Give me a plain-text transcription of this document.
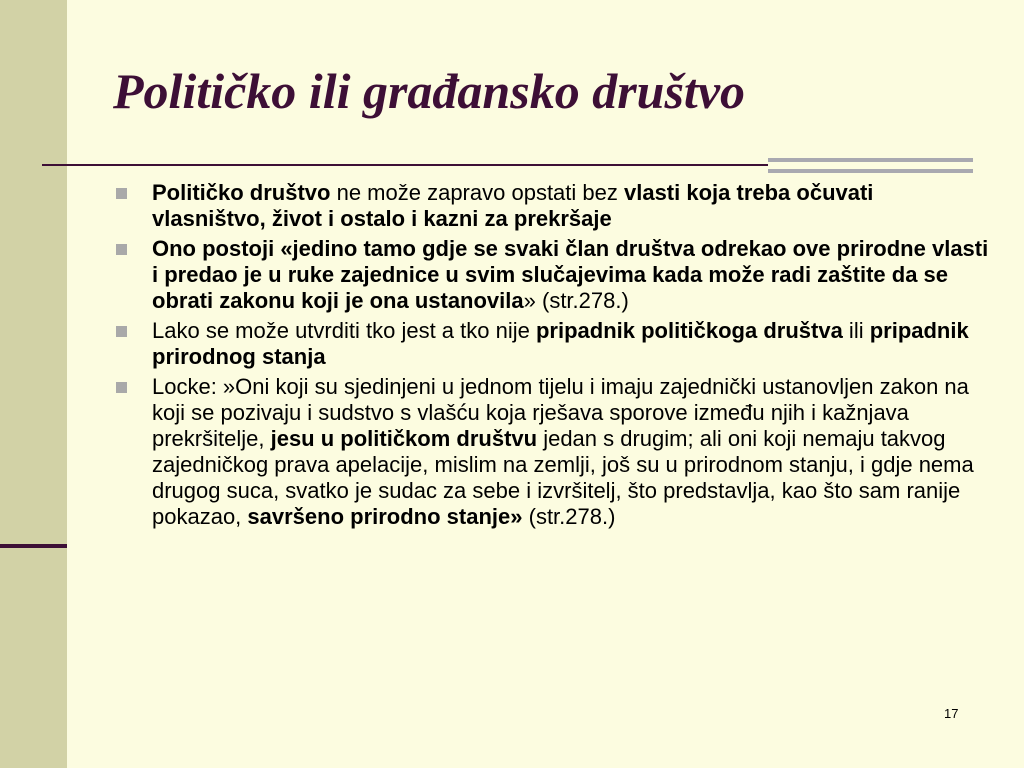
Političko ili građansko društvo
Političko društvo ne može zapravo opstati bez vlasti koja treba očuvati vlasništvo, život i ostalo i kazni za prekršaje
Ono postoji «jedino tamo gdje se svaki član društva odrekao ove prirodne vlasti i predao je u ruke zajednice u svim slučajevima kada može radi zaštite da se obrati zakonu koji je ona ustanovila» (str.278.)
Lako se može utvrditi tko jest a tko nije pripadnik političkoga društva ili pripadnik prirodnog stanja
Locke: »Oni koji su sjedinjeni u jednom tijelu i imaju zajednički ustanovljen zakon na koji se pozivaju i sudstvo s vlašću koja rješava sporove između njih i kažnjava prekršitelje, jesu u političkom društvu jedan s drugim; ali oni koji nemaju takvog zajedničkog prava apelacije, mislim na zemlji, još su u prirodnom stanju, i gdje nema drugog suca, svatko je sudac za sebe i izvršitelj, što predstavlja, kao što sam ranije pokazao, savršeno prirodno stanje» (str.278.)
17
